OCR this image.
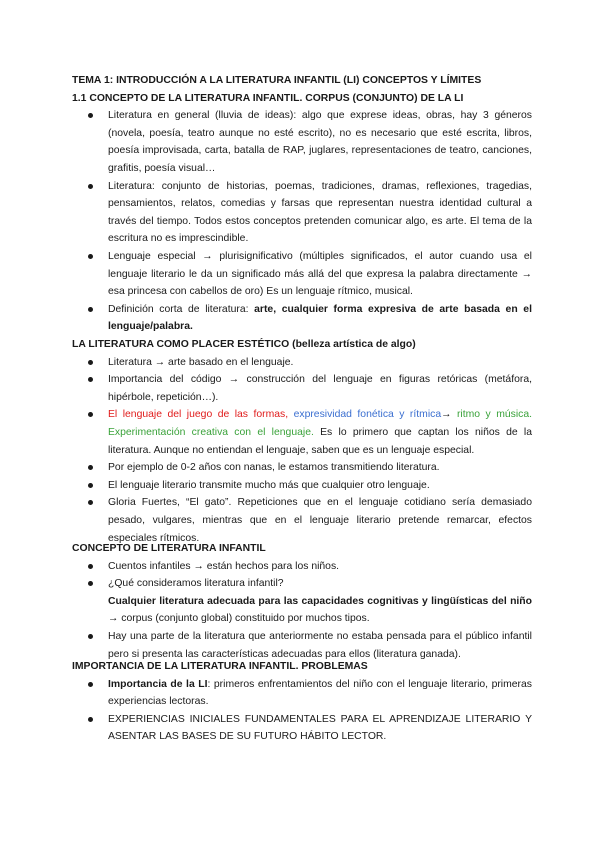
TEMA 1: INTRODUCCIÓN A LA LITERATURA INFANTIL (LI) CONCEPTOS Y LÍMITES

1.1 CONCEPTO DE LA LITERATURA INFANTIL. CORPUS (CONJUNTO) DE LA LI

Literatura en general (lluvia de ideas): algo que exprese ideas, obras, hay 3 géneros (novela, poesía, teatro aunque no esté escrito), no es necesario que esté escrita, libros, poesía improvisada, carta, batalla de RAP, juglares, representaciones de teatro, canciones, grafitis, poesía visual…
Literatura: conjunto de historias, poemas, tradiciones, dramas, reflexiones, tragedias, pensamientos, relatos, comedias y farsas que representan nuestra identidad cultural a través del tiempo. Todos estos conceptos pretenden comunicar algo, es arte. El tema de la escritura no es imprescindible.
Lenguaje especial → plurisignificativo (múltiples significados, el autor cuando usa el lenguaje literario le da un significado más allá del que expresa la palabra directamente → esa princesa con cabellos de oro) Es un lenguaje rítmico, musical.
Definición corta de literatura: arte, cualquier forma expresiva de arte basada en el lenguaje/palabra.

LA LITERATURA COMO PLACER ESTÉTICO (belleza artística de algo)

Literatura → arte basado en el lenguaje.
Importancia del código → construcción del lenguaje en figuras retóricas (metáfora, hipérbole, repetición…).
El lenguaje del juego de las formas, expresividad fonética y rítmica→ ritmo y música. Experimentación creativa con el lenguaje. Es lo primero que captan los niños de la literatura. Aunque no entiendan el lenguaje, saben que es un lenguaje especial.
Por ejemplo de 0-2 años con nanas, le estamos transmitiendo literatura.
El lenguaje literario transmite mucho más que cualquier otro lenguaje.
Gloria Fuertes, “El gato”. Repeticiones que en el lenguaje cotidiano sería demasiado pesado, vulgares, mientras que en el lenguaje literario pretende remarcar, efectos especiales rítmicos.

CONCEPTO DE LITERATURA INFANTIL

Cuentos infantiles → están hechos para los niños.
¿Qué consideramos literatura infantil?
Cualquier literatura adecuada para las capacidades cognitivas y lingüísticas del niño → corpus (conjunto global) constituido por muchos tipos.
Hay una parte de la literatura que anteriormente no estaba pensada para el público infantil pero si presenta las características adecuadas para ellos (literatura ganada).

IMPORTANCIA DE LA LITERATURA INFANTIL. PROBLEMAS

Importancia de la LI: primeros enfrentamientos del niño con el lenguaje literario, primeras experiencias lectoras.
EXPERIENCIAS INICIALES FUNDAMENTALES PARA EL APRENDIZAJE LITERARIO Y ASENTAR LAS BASES DE SU FUTURO HÁBITO LECTOR.
